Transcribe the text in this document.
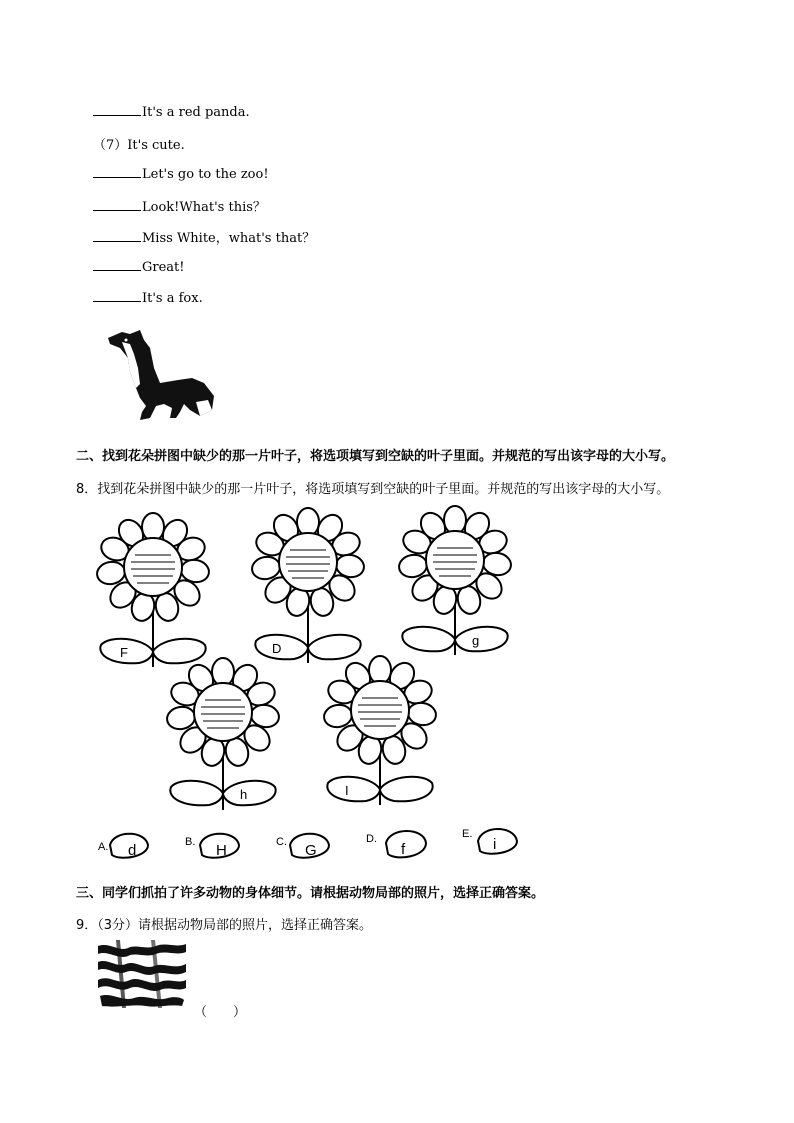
It's a red panda.
（7）It's cute.
Let's go to the zoo!
Look!What's this？
Miss White，what's that？
Great!
It's a fox.
二、找到花朵拼图中缺少的那一片叶子，将选项填写到空缺的叶子里面。并规范的写出该字母的大小写。
8．找到花朵拼图中缺少的那一片叶子，将选项填写到空缺的叶子里面。并规范的写出该字母的大小写。
F	D
g
h	I
A. d	B. H	C. G
D.
f
E.
i
三、同学们抓拍了许多动物的身体细节。请根据动物局部的照片，选择正确答案。
9．（3分）请根据动物局部的照片，选择正确答案。
（　　）
